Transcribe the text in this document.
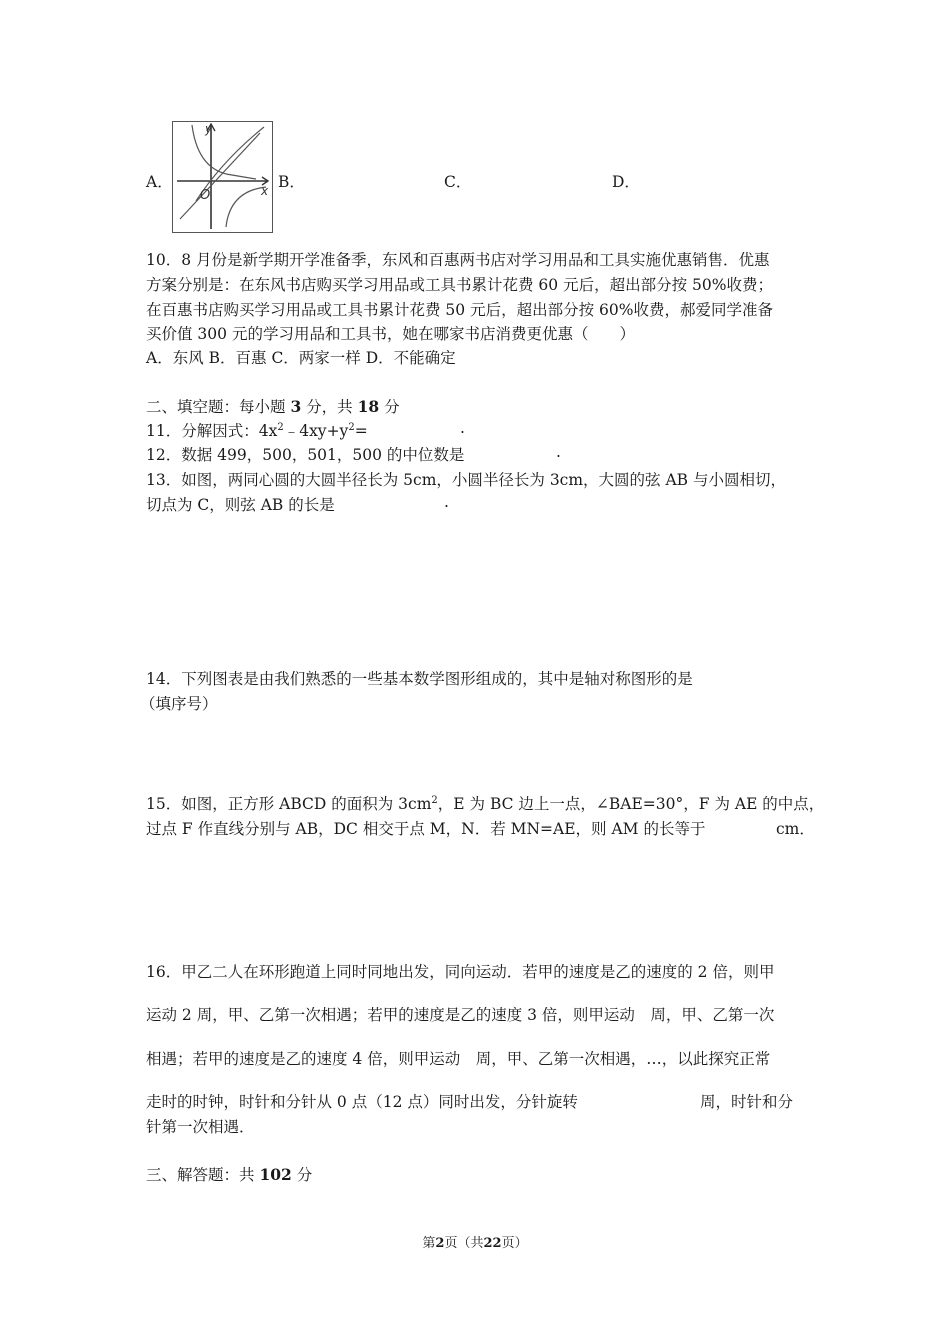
A．
y
x
O
B．	C．	D．
10．8 月份是新学期开学准备季，东风和百惠两书店对学习用品和工具实施优惠销售．优惠
方案分别是：在东风书店购买学习用品或工具书累计花费 60 元后，超出部分按 50%收费；
在百惠书店购买学习用品或工具书累计花费 50 元后，超出部分按 60%收费，郝爱同学准备
买价值 300 元的学习用品和工具书，她在哪家书店消费更优惠（　　）
A．东风 B．百惠 C．两家一样 D．不能确定
二、填空题：每小题 3 分，共 18 分
11．分解因式：$4x^2﹣4xy+y^2=$	.
12．数据 499，500，501，500 的中位数是	.
13．如图，两同心圆的大圆半径长为 5cm，小圆半径长为 3cm，大圆的弦 AB 与小圆相切，
切点为 C，则弦 AB 的长是	.
14．下列图表是由我们熟悉的一些基本数学图形组成的，其中是轴对称图形的是
（填序号）
15．如图，正方形 ABCD 的面积为 $3cm^2$，E 为 BC 边上一点，∠BAE=30°，F 为 AE 的中点，
过点 F 作直线分别与 AB，DC 相交于点 M，N．若 MN=AE，则 AM 的长等于	cm．
16．甲乙二人在环形跑道上同时同地出发，同向运动．若甲的速度是乙的速度的 2 倍，则甲
运动 2 周，甲、乙第一次相遇；若甲的速度是乙的速度 3 倍，则甲运动　周，甲、乙第一次
相遇；若甲的速度是乙的速度 4 倍，则甲运动　周，甲、乙第一次相遇，…，以此探究正常
走时的时钟，时针和分针从 0 点（12 点）同时出发，分针旋转	周，时针和分
针第一次相遇．
三、解答题：共 102 分
第2页（共22页）
